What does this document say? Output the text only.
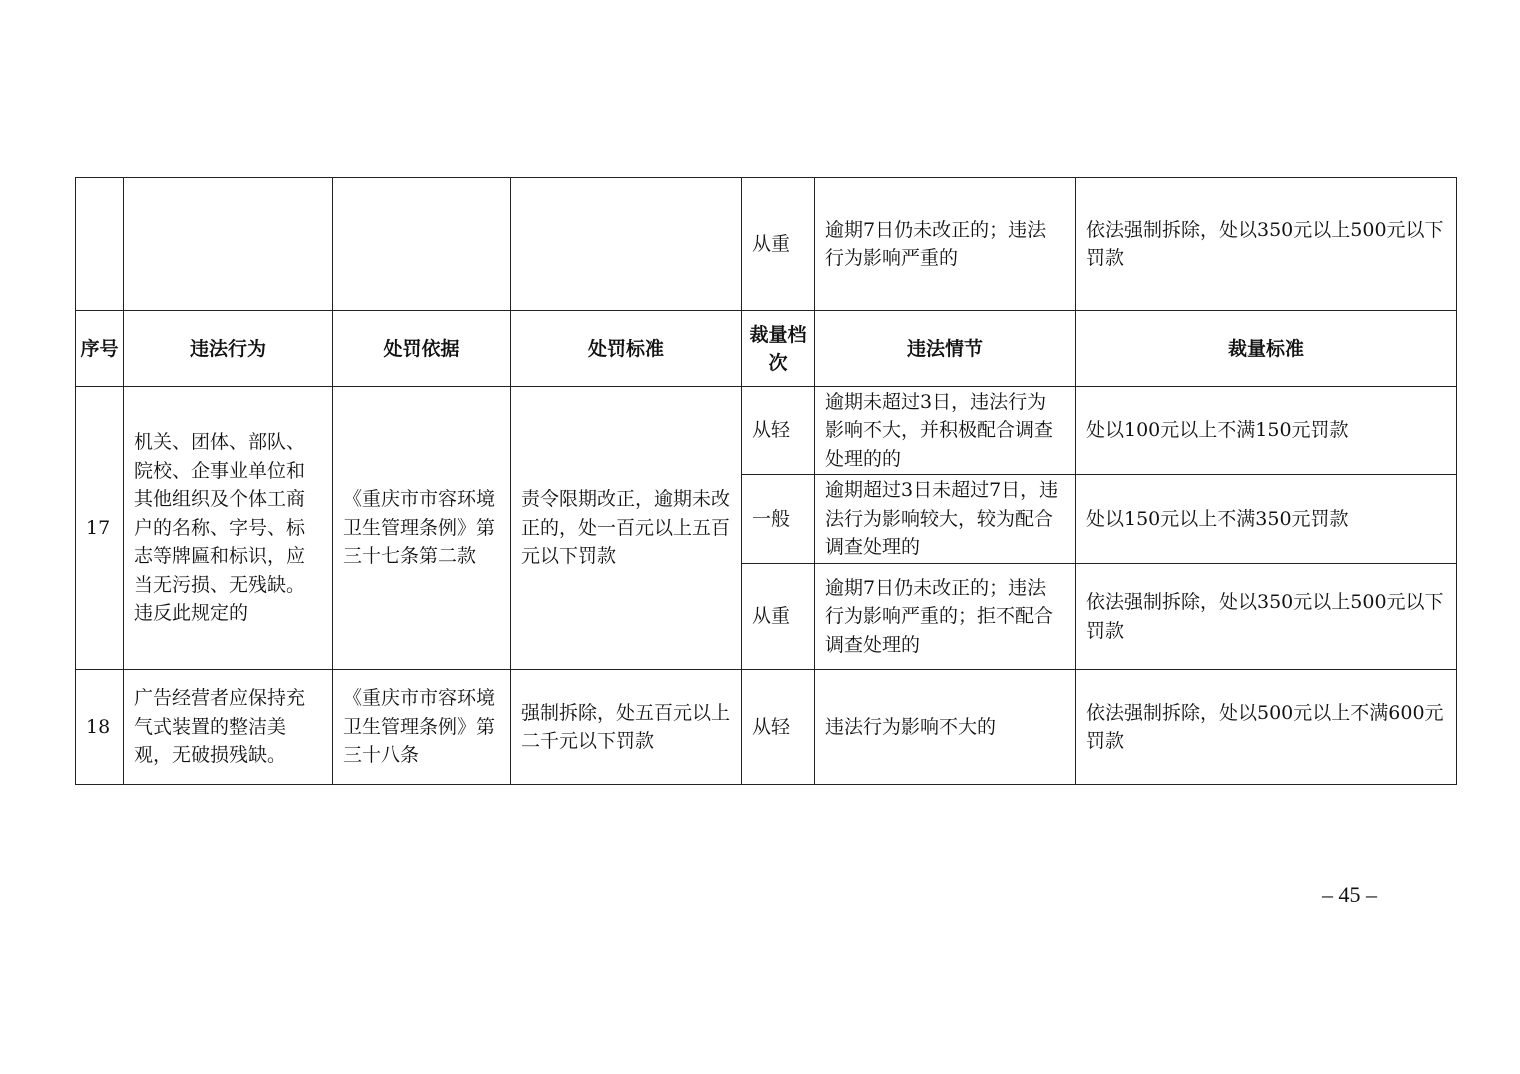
				从重	逾期7日仍未改正的；违法行为影响严重的	依法强制拆除，处以350元以上500元以下罚款
序号	违法行为	处罚依据	处罚标准	裁量档次	违法情节	裁量标准
17	机关、团体、部队、院校、企事业单位和其他组织及个体工商户的名称、字号、标志等牌匾和标识，应当无污损、无残缺。违反此规定的	《重庆市市容环境卫生管理条例》第三十七条第二款	责令限期改正，逾期未改正的，处一百元以上五百元以下罚款	从轻	逾期未超过3日，违法行为影响不大，并积极配合调查处理的的	处以100元以上不满150元罚款
				一般	逾期超过3日未超过7日，违法行为影响较大，较为配合调查处理的	处以150元以上不满350元罚款
				从重	逾期7日仍未改正的；违法行为影响严重的；拒不配合调查处理的	依法强制拆除，处以350元以上500元以下罚款
18	广告经营者应保持充气式装置的整洁美观，无破损残缺。	《重庆市市容环境卫生管理条例》第三十八条	强制拆除，处五百元以上二千元以下罚款	从轻	违法行为影响不大的	依法强制拆除，处以500元以上不满600元罚款
– 45 –
